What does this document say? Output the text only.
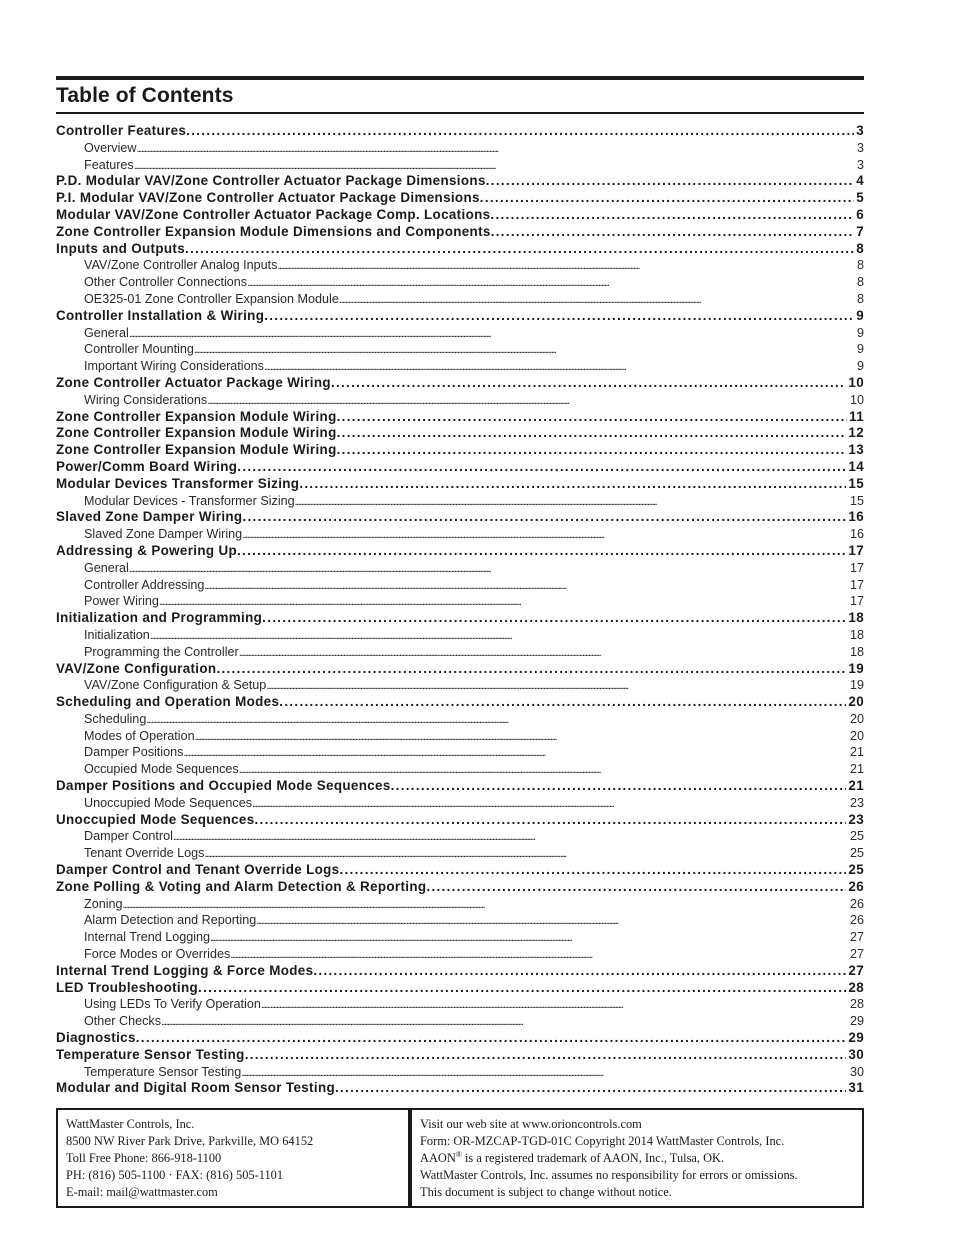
Table of Contents
Controller Features . . .	3
Overview . . .	3
Features . . .	3
P.D. Modular VAV/Zone Controller Actuator Package Dimensions . . .	4
P.I. Modular VAV/Zone Controller Actuator Package Dimensions . . .	5
Modular VAV/Zone Controller Actuator Package Comp. Locations . . .	6
Zone Controller Expansion Module Dimensions and Components . . .	7
Inputs and Outputs . . .	8
VAV/Zone Controller Analog Inputs . . .	8
Other Controller Connections . . .	8
OE325-01 Zone Controller Expansion Module . . .	8
Controller Installation & Wiring . . .	9
General . . .	9
Controller Mounting . . .	9
Important Wiring Considerations . . .	9
Zone Controller Actuator Package Wiring . . .	10
Wiring Considerations . . .	10
Zone Controller Expansion Module Wiring . . .	11
Zone Controller Expansion Module Wiring . . .	12
Zone Controller Expansion Module Wiring . . .	13
Power/Comm Board Wiring . . .	14
Modular Devices Transformer Sizing . . .	15
Modular Devices - Transformer Sizing . . .	15
Slaved Zone Damper Wiring . . .	16
Slaved Zone Damper Wiring . . .	16
Addressing & Powering Up . . .	17
General . . .	17
Controller Addressing . . .	17
Power Wiring . . .	17
Initialization and Programming . . .	18
Initialization . . .	18
Programming the Controller . . .	18
VAV/Zone Configuration . . .	19
VAV/Zone Configuration & Setup . . .	19
Scheduling and Operation Modes . . .	20
Scheduling . . .	20
Modes of Operation . . .	20
Damper Positions . . .	21
Occupied Mode Sequences . . .	21
Damper Positions and Occupied Mode Sequences . . .	21
Unoccupied Mode Sequences . . .	23
Unoccupied Mode Sequences . . .	23
Damper Control . . .	25
Tenant Override Logs . . .	25
Damper Control and Tenant Override Logs . . .	25
Zone Polling & Voting and Alarm Detection & Reporting . . .	26
Zoning . . .	26
Alarm Detection and Reporting . . .	26
Internal Trend Logging . . .	27
Force Modes or Overrides . . .	27
Internal Trend Logging & Force Modes . . .	27
LED Troubleshooting . . .	28
Using LEDs To Verify Operation . . .	28
Other Checks . . .	29
Diagnostics . . .	29
Temperature Sensor Testing . . .	30
Temperature Sensor Testing . . .	30
Modular and Digital Room Sensor Testing . . .	31
WattMaster Controls, Inc.
8500 NW River Park Drive, Parkville, MO 64152
Toll Free Phone: 866-918-1100
PH: (816) 505-1100 · FAX: (816) 505-1101
E-mail: mail@wattmaster.com
Visit our web site at www.orioncontrols.com
Form: OR-MZCAP-TGD-01C Copyright 2014 WattMaster Controls, Inc.
AAON® is a registered trademark of AAON, Inc., Tulsa, OK.
WattMaster Controls, Inc. assumes no responsibility for errors or omissions.
This document is subject to change without notice.
